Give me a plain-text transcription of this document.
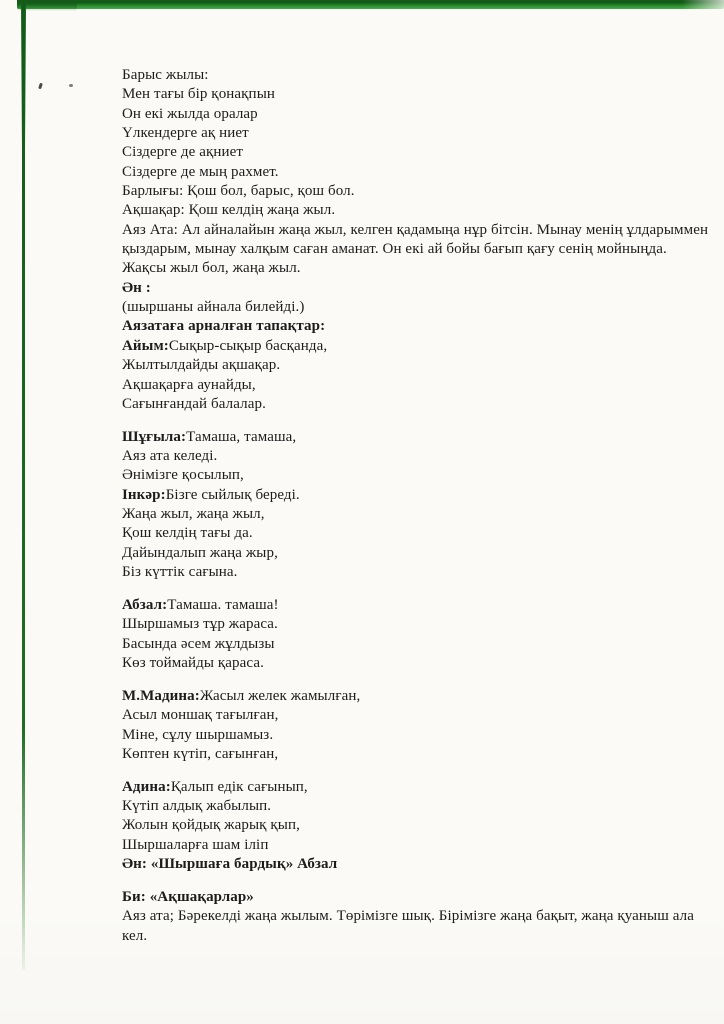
Барыс жылы:
Мен тағы бір қонақпын
Он екі жылда оралар
Үлкендерге ақ ниет
Сіздерге де ақниет
Сіздерге де мың рахмет.
Барлығы: Қош бол, барыс, қош бол.
Ақшақар: Қош келдің жаңа жыл.
Аяз Ата: Ал айналайын жаңа жыл, келген қадамыңа нұр бітсін. Мынау менің ұлдарыммен
қыздарым, мынау халқым саған аманат. Он екі ай бойы бағып қағу сенің мойныңда.
Жақсы жыл бол, жаңа жыл.
Ән :
(шыршаны айнала билейді.)
Аязатаға арналған тапақтар:
Айым:Сықыр-сықыр басқанда,
Жылтылдайды ақшақар.
Ақшақарға аунайды,
Сағынғандай балалар.
Шұғыла:Тамаша, тамаша,
Аяз ата келеді.
Әнімізге қосылып,
Інкәр:Бізге сыйлық береді.
Жаңа жыл, жаңа жыл,
Қош келдің тағы да.
Дайындалып жаңа жыр,
Біз күттік сағына.
Абзал:Тамаша. тамаша!
Шыршамыз тұр жараса.
Басында әсем жұлдызы
Көз тоймайды қараса.
М.Мадина:Жасыл желек жамылған,
Асыл моншақ тағылған,
Міне, сұлу шыршамыз.
Көптен күтіп, сағынған,
Адина:Қалып едік сағынып,
Күтіп алдық жабылып.
Жолын қойдық жарық қып,
Шыршаларға шам іліп
Ән: «Шыршаға бардық» Абзал
Би: «Ақшақарлар»
Аяз ата; Бәрекелді жаңа жылым. Төрімізге шық. Бірімізге жаңа бақыт, жаңа қуаныш ала
кел.
